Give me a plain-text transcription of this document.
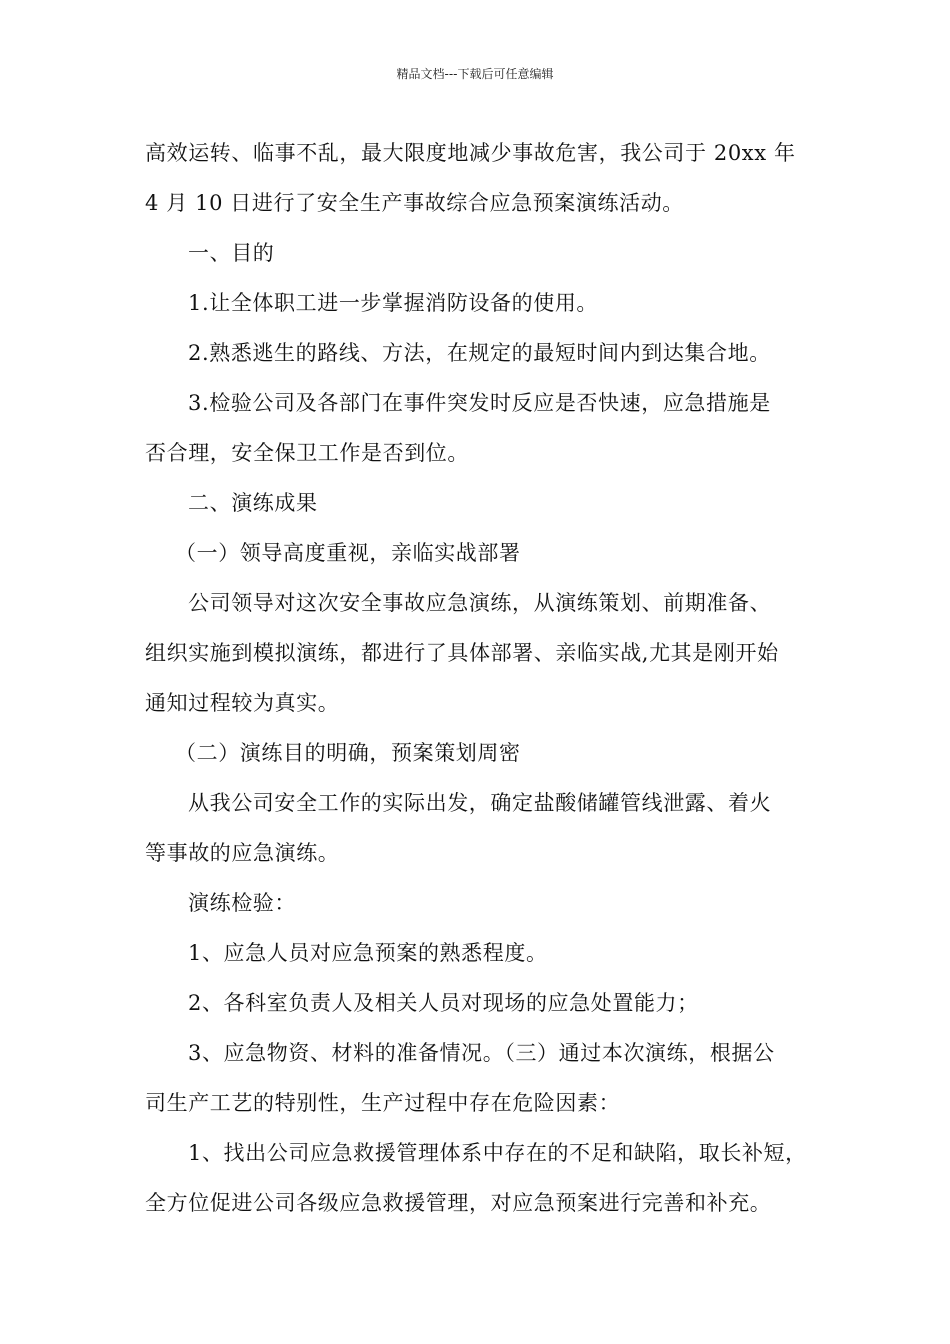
精品文档---下载后可任意编辑
高效运转、临事不乱，最大限度地减少事故危害，我公司于 20xx 年
4 月 10 日进行了安全生产事故综合应急预案演练活动。
一、目的
1.让全体职工进一步掌握消防设备的使用。
2.熟悉逃生的路线、方法，在规定的最短时间内到达集合地。
3.检验公司及各部门在事件突发时反应是否快速，应急措施是
否合理，安全保卫工作是否到位。
二、演练成果
（一）领导高度重视，亲临实战部署
公司领导对这次安全事故应急演练，从演练策划、前期准备、
组织实施到模拟演练，都进行了具体部署、亲临实战,尤其是刚开始
通知过程较为真实。
（二）演练目的明确，预案策划周密
从我公司安全工作的实际出发，确定盐酸储罐管线泄露、着火
等事故的应急演练。
演练检验：
1、应急人员对应急预案的熟悉程度。
2、各科室负责人及相关人员对现场的应急处置能力；
3、应急物资、材料的准备情况。（三）通过本次演练，根据公
司生产工艺的特别性，生产过程中存在危险因素：
1、找出公司应急救援管理体系中存在的不足和缺陷，取长补短，
全方位促进公司各级应急救援管理，对应急预案进行完善和补充。
